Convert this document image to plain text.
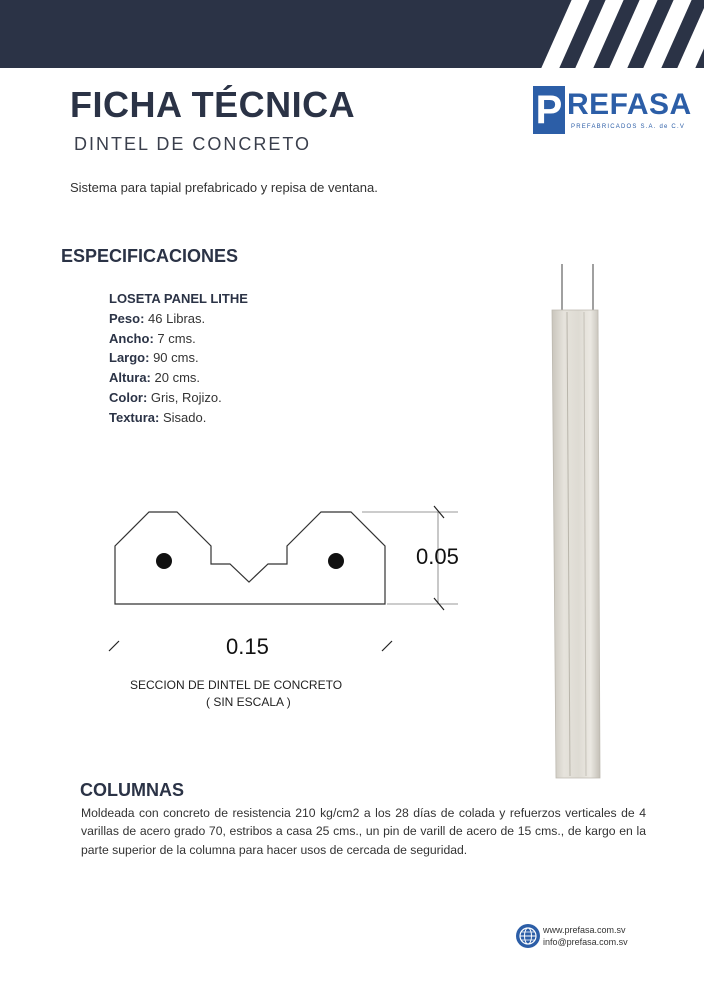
FICHA TÉCNICA
DINTEL DE CONCRETO
P REFASA
PREFABRICADOS S.A. de C.V
Sistema para tapial prefabricado y repisa de ventana.
ESPECIFICACIONES
LOSETA PANEL LITHE
Peso: 46 Libras.
Ancho: 7 cms.
Largo: 90 cms.
Altura: 20 cms.
Color: Gris, Rojizo.
Textura: Sisado.
0.05
0.15
SECCION DE DINTEL DE CONCRETO
( SIN ESCALA )
COLUMNAS
Moldeada con concreto de resistencia 210 kg/cm2 a los 28 días de colada y refuerzos verticales de 4 varillas de acero grado 70, estribos a casa 25 cms., un pin de varill de acero de 15 cms., de kargo en la parte superior de la columna para hacer usos de cercada de seguridad.
www.prefasa.com.sv
info@prefasa.com.sv
